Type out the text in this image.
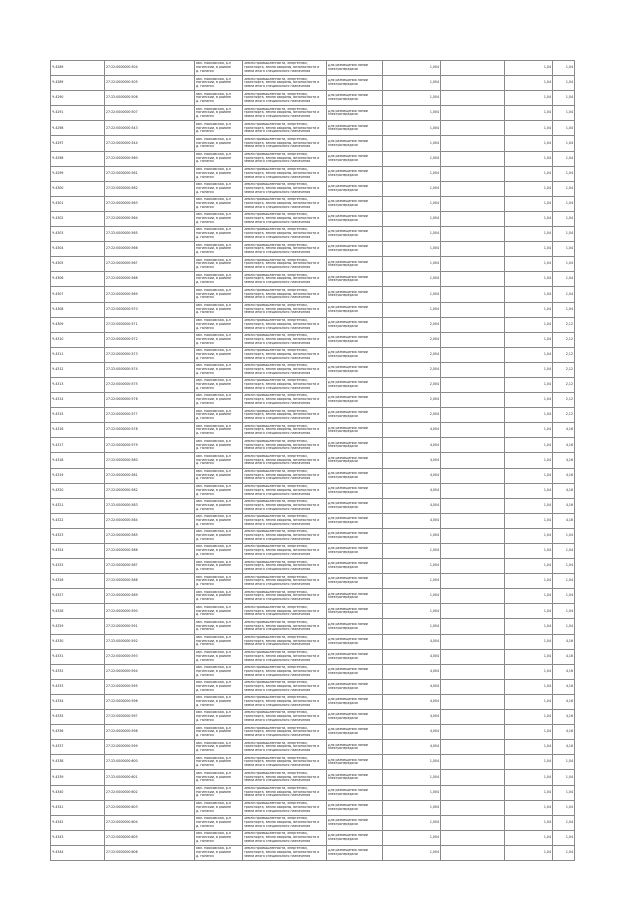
Ч-4289	27:22:0000000:504	обл. Московская, р-н
Ногинский, в районе
д. Ногинск	Земли промышленности, энергетики,
транспорта, земли обороны, безопасности и
земли иного специального назначения	Для размещения линий
электропередачи	1,004		1,04	1,04
Ч-4289	27:22:0000000:505	обл. Московская, р-н
Ногинский, в районе
д. Ногинск	Земли промышленности, энергетики,
транспорта, земли обороны, безопасности и
земли иного специального назначения	Для размещения линий
электропередачи	1,004		1,04	1,04
Ч-4290	27:22:0000000:506	обл. Московская, р-н
Ногинский, в районе
д. Ногинск	Земли промышленности, энергетики,
транспорта, земли обороны, безопасности и
земли иного специального назначения	Для размещения линий
электропередачи	1,004		1,04	1,04
Ч-4291	27:22:0000000:507	обл. Московская, р-н
Ногинский, в районе
д. Ногинск	Земли промышленности, энергетики,
транспорта, земли обороны, безопасности и
земли иного специального назначения	Для размещения линий
электропередачи	1,004		1,04	1,04
Ч-4298	27:22:0000000:543	обл. Московская, р-н
Ногинский, в районе
д. Ногинск	Земли промышленности, энергетики,
транспорта, земли обороны, безопасности и
земли иного специального назначения	Для размещения линий
электропередачи	1,004		1,04	1,04
Ч-4297	27:22:0000000:544	обл. Московская, р-н
Ногинский, в районе
д. Ногинск	Земли промышленности, энергетики,
транспорта, земли обороны, безопасности и
земли иного специального назначения	Для размещения линий
электропередачи	1,004		1,04	1,04
Ч-4298	27:22:0000000:560	обл. Московская, р-н
Ногинский, в районе
д. Ногинск	Земли промышленности, энергетики,
транспорта, земли обороны, безопасности и
земли иного специального назначения	Для размещения линий
электропередачи	1,004		1,04	1,04
Ч-4299	27:22:0000000:561	обл. Московская, р-н
Ногинский, в районе
д. Ногинск	Земли промышленности, энергетики,
транспорта, земли обороны, безопасности и
земли иного специального назначения	Для размещения линий
электропередачи	1,004		1,04	1,04
Ч-4300	27:22:0000000:562	обл. Московская, р-н
Ногинский, в районе
д. Ногинск	Земли промышленности, энергетики,
транспорта, земли обороны, безопасности и
земли иного специального назначения	Для размещения линий
электропередачи	1,004		1,04	1,04
Ч-4301	27:22:0000000:563	обл. Московская, р-н
Ногинский, в районе
д. Ногинск	Земли промышленности, энергетики,
транспорта, земли обороны, безопасности и
земли иного специального назначения	Для размещения линий
электропередачи	1,004		1,04	1,04
Ч-4302	27:22:0000000:564	обл. Московская, р-н
Ногинский, в районе
д. Ногинск	Земли промышленности, энергетики,
транспорта, земли обороны, безопасности и
земли иного специального назначения	Для размещения линий
электропередачи	1,004		1,04	1,04
Ч-4303	27:22:0000000:565	обл. Московская, р-н
Ногинский, в районе
д. Ногинск	Земли промышленности, энергетики,
транспорта, земли обороны, безопасности и
земли иного специального назначения	Для размещения линий
электропередачи	1,004		1,04	1,04
Ч-4304	27:22:0000000:566	обл. Московская, р-н
Ногинский, в районе
д. Ногинск	Земли промышленности, энергетики,
транспорта, земли обороны, безопасности и
земли иного специального назначения	Для размещения линий
электропередачи	1,004		1,04	1,04
Ч-4305	27:22:0000000:567	обл. Московская, р-н
Ногинский, в районе
д. Ногинск	Земли промышленности, энергетики,
транспорта, земли обороны, безопасности и
земли иного специального назначения	Для размещения линий
электропередачи	1,004		1,04	1,04
Ч-4306	27:22:0000000:568	обл. Московская, р-н
Ногинский, в районе
д. Ногинск	Земли промышленности, энергетики,
транспорта, земли обороны, безопасности и
земли иного специального назначения	Для размещения линий
электропередачи	1,004		1,04	1,04
Ч-4307	27:22:0000000:569	обл. Московская, р-н
Ногинский, в районе
д. Ногинск	Земли промышленности, энергетики,
транспорта, земли обороны, безопасности и
земли иного специального назначения	Для размещения линий
электропередачи	1,004		1,04	1,04
Ч-4308	27:22:0000000:570	обл. Московская, р-н
Ногинский, в районе
д. Ногинск	Земли промышленности, энергетики,
транспорта, земли обороны, безопасности и
земли иного специального назначения	Для размещения линий
электропередачи	1,004		1,04	1,04
Ч-4309	27:22:0000000:571	обл. Московская, р-н
Ногинский, в районе
д. Ногинск	Земли промышленности, энергетики,
транспорта, земли обороны, безопасности и
земли иного специального назначения	Для размещения линий
электропередачи	2,004		1,04	2,12
Ч-4310	27:22:0000000:572	обл. Московская, р-н
Ногинский, в районе
д. Ногинск	Земли промышленности, энергетики,
транспорта, земли обороны, безопасности и
земли иного специального назначения	Для размещения линий
электропередачи	2,004		1,04	2,12
Ч-4311	27:22:0000000:573	обл. Московская, р-н
Ногинский, в районе
д. Ногинск	Земли промышленности, энергетики,
транспорта, земли обороны, безопасности и
земли иного специального назначения	Для размещения линий
электропередачи	2,004		1,04	2,12
Ч-4312	27:22:0000000:574	обл. Московская, р-н
Ногинский, в районе
д. Ногинск	Земли промышленности, энергетики,
транспорта, земли обороны, безопасности и
земли иного специального назначения	Для размещения линий
электропередачи	2,004		1,04	2,12
Ч-4313	27:22:0000000:575	обл. Московская, р-н
Ногинский, в районе
д. Ногинск	Земли промышленности, энергетики,
транспорта, земли обороны, безопасности и
земли иного специального назначения	Для размещения линий
электропередачи	2,004		1,04	2,12
Ч-4314	27:22:0000000:576	обл. Московская, р-н
Ногинский, в районе
д. Ногинск	Земли промышленности, энергетики,
транспорта, земли обороны, безопасности и
земли иного специального назначения	Для размещения линий
электропередачи	2,004		1,04	2,12
Ч-4315	27:22:0000000:577	обл. Московская, р-н
Ногинский, в районе
д. Ногинск	Земли промышленности, энергетики,
транспорта, земли обороны, безопасности и
земли иного специального назначения	Для размещения линий
электропередачи	2,004		1,04	2,12
Ч-4316	27:22:0000000:578	обл. Московская, р-н
Ногинский, в районе
д. Ногинск	Земли промышленности, энергетики,
транспорта, земли обороны, безопасности и
земли иного специального назначения	Для размещения линий
электропередачи	4,004		1,04	4,16
Ч-4317	27:22:0000000:579	обл. Московская, р-н
Ногинский, в районе
д. Ногинск	Земли промышленности, энергетики,
транспорта, земли обороны, безопасности и
земли иного специального назначения	Для размещения линий
электропередачи	4,004		1,04	4,16
Ч-4318	27:22:0000000:580	обл. Московская, р-н
Ногинский, в районе
д. Ногинск	Земли промышленности, энергетики,
транспорта, земли обороны, безопасности и
земли иного специального назначения	Для размещения линий
электропередачи	4,004		1,04	4,16
Ч-4319	27:22:0000000:581	обл. Московская, р-н
Ногинский, в районе
д. Ногинск	Земли промышленности, энергетики,
транспорта, земли обороны, безопасности и
земли иного специального назначения	Для размещения линий
электропередачи	4,004		1,04	4,16
Ч-4320	27:22:0000000:582	обл. Московская, р-н
Ногинский, в районе
д. Ногинск	Земли промышленности, энергетики,
транспорта, земли обороны, безопасности и
земли иного специального назначения	Для размещения линий
электропередачи	4,004		1,04	4,16
Ч-4321	27:22:0000000:583	обл. Московская, р-н
Ногинский, в районе
д. Ногинск	Земли промышленности, энергетики,
транспорта, земли обороны, безопасности и
земли иного специального назначения	Для размещения линий
электропередачи	4,004		1,04	4,16
Ч-4322	27:22:0000000:584	обл. Московская, р-н
Ногинский, в районе
д. Ногинск	Земли промышленности, энергетики,
транспорта, земли обороны, безопасности и
земли иного специального назначения	Для размещения линий
электропередачи	4,004		1,04	4,16
Ч-4323	27:22:0000000:585	обл. Московская, р-н
Ногинский, в районе
д. Ногинск	Земли промышленности, энергетики,
транспорта, земли обороны, безопасности и
земли иного специального назначения	Для размещения линий
электропередачи	1,004		1,04	1,04
Ч-4324	27:22:0000000:586	обл. Московская, р-н
Ногинский, в районе
д. Ногинск	Земли промышленности, энергетики,
транспорта, земли обороны, безопасности и
земли иного специального назначения	Для размещения линий
электропередачи	1,004		1,04	1,04
Ч-4325	27:22:0000000:587	обл. Московская, р-н
Ногинский, в районе
д. Ногинск	Земли промышленности, энергетики,
транспорта, земли обороны, безопасности и
земли иного специального назначения	Для размещения линий
электропередачи	1,004		1,04	1,04
Ч-4326	27:22:0000000:588	обл. Московская, р-н
Ногинский, в районе
д. Ногинск	Земли промышленности, энергетики,
транспорта, земли обороны, безопасности и
земли иного специального назначения	Для размещения линий
электропередачи	1,004		1,04	1,04
Ч-4327	27:22:0000000:589	обл. Московская, р-н
Ногинский, в районе
д. Ногинск	Земли промышленности, энергетики,
транспорта, земли обороны, безопасности и
земли иного специального назначения	Для размещения линий
электропередачи	1,004		1,04	1,04
Ч-4328	27:22:0000000:590	обл. Московская, р-н
Ногинский, в районе
д. Ногинск	Земли промышленности, энергетики,
транспорта, земли обороны, безопасности и
земли иного специального назначения	Для размещения линий
электропередачи	1,004		1,04	1,04
Ч-4329	27:22:0000000:591	обл. Московская, р-н
Ногинский, в районе
д. Ногинск	Земли промышленности, энергетики,
транспорта, земли обороны, безопасности и
земли иного специального назначения	Для размещения линий
электропередачи	1,004		1,04	1,04
Ч-4330	27:22:0000000:592	обл. Московская, р-н
Ногинский, в районе
д. Ногинск	Земли промышленности, энергетики,
транспорта, земли обороны, безопасности и
земли иного специального назначения	Для размещения линий
электропередачи	4,004		1,04	4,16
Ч-4331	27:22:0000000:593	обл. Московская, р-н
Ногинский, в районе
д. Ногинск	Земли промышленности, энергетики,
транспорта, земли обороны, безопасности и
земли иного специального назначения	Для размещения линий
электропередачи	4,004		1,04	4,16
Ч-4332	27:22:0000000:594	обл. Московская, р-н
Ногинский, в районе
д. Ногинск	Земли промышленности, энергетики,
транспорта, земли обороны, безопасности и
земли иного специального назначения	Для размещения линий
электропередачи	4,004		1,04	4,16
Ч-4333	27:22:0000000:595	обл. Московская, р-н
Ногинский, в районе
д. Ногинск	Земли промышленности, энергетики,
транспорта, земли обороны, безопасности и
земли иного специального назначения	Для размещения линий
электропередачи	4,004		1,04	4,16
Ч-4334	27:22:0000000:596	обл. Московская, р-н
Ногинский, в районе
д. Ногинск	Земли промышленности, энергетики,
транспорта, земли обороны, безопасности и
земли иного специального назначения	Для размещения линий
электропередачи	4,004		1,04	4,16
Ч-4335	27:22:0000000:597	обл. Московская, р-н
Ногинский, в районе
д. Ногинск	Земли промышленности, энергетики,
транспорта, земли обороны, безопасности и
земли иного специального назначения	Для размещения линий
электропередачи	4,004		1,04	4,16
Ч-4336	27:22:0000000:598	обл. Московская, р-н
Ногинский, в районе
д. Ногинск	Земли промышленности, энергетики,
транспорта, земли обороны, безопасности и
земли иного специального назначения	Для размещения линий
электропередачи	4,004		1,04	4,16
Ч-4337	27:22:0000000:599	обл. Московская, р-н
Ногинский, в районе
д. Ногинск	Земли промышленности, энергетики,
транспорта, земли обороны, безопасности и
земли иного специального назначения	Для размещения линий
электропередачи	4,004		1,04	4,16
Ч-4338	27:22:0000000:600	обл. Московская, р-н
Ногинский, в районе
д. Ногинск	Земли промышленности, энергетики,
транспорта, земли обороны, безопасности и
земли иного специального назначения	Для размещения линий
электропередачи	1,004		1,04	1,04
Ч-4339	27:22:0000000:601	обл. Московская, р-н
Ногинский, в районе
д. Ногинск	Земли промышленности, энергетики,
транспорта, земли обороны, безопасности и
земли иного специального назначения	Для размещения линий
электропередачи	1,004		1,04	1,04
Ч-4340	27:22:0000000:602	обл. Московская, р-н
Ногинский, в районе
д. Ногинск	Земли промышленности, энергетики,
транспорта, земли обороны, безопасности и
земли иного специального назначения	Для размещения линий
электропередачи	1,004		1,04	1,04
Ч-4341	27:22:0000000:603	обл. Московская, р-н
Ногинский, в районе
д. Ногинск	Земли промышленности, энергетики,
транспорта, земли обороны, безопасности и
земли иного специального назначения	Для размещения линий
электропередачи	1,004		1,04	1,04
Ч-4342	27:22:0000000:604	обл. Московская, р-н
Ногинский, в районе
д. Ногинск	Земли промышленности, энергетики,
транспорта, земли обороны, безопасности и
земли иного специального назначения	Для размещения линий
электропередачи	1,004		1,04	1,04
Ч-4343	27:22:0000000:605	обл. Московская, р-н
Ногинский, в районе
д. Ногинск	Земли промышленности, энергетики,
транспорта, земли обороны, безопасности и
земли иного специального назначения	Для размещения линий
электропередачи	1,004		1,04	1,04
Ч-4344	27:22:0000000:606	обл. Московская, р-н
Ногинский, в районе
д. Ногинск	Земли промышленности, энергетики,
транспорта, земли обороны, безопасности и
земли иного специального назначения	Для размещения линий
электропередачи	1,004		1,04	1,04
